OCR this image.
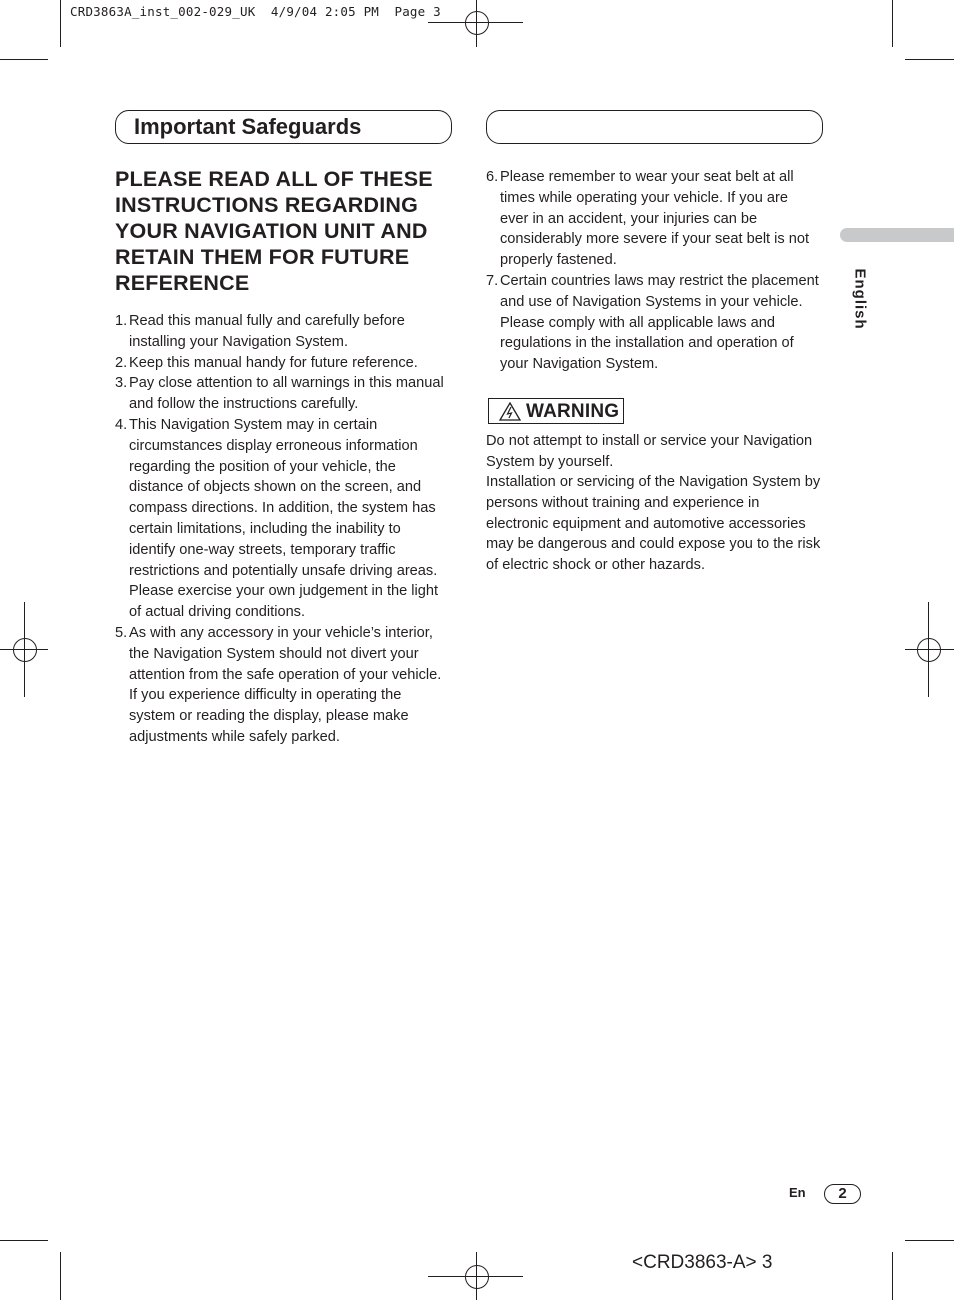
CRD3863A_inst_002-029_UK  4/9/04 2:05 PM  Page 3
Important Safeguards
PLEASE READ ALL OF THESE INSTRUCTIONS REGARDING YOUR NAVIGATION UNIT AND RETAIN THEM FOR FUTURE REFERENCE
1. Read this manual fully and carefully before installing your Navigation System.
2. Keep this manual handy for future reference.
3. Pay close attention to all warnings in this manual and follow the instructions carefully.
4. This Navigation System may in certain circumstances display erroneous information regarding the position of your vehicle, the distance of objects shown on the screen, and compass directions. In addition, the system has certain limitations, including the inability to identify one-way streets, temporary traffic restrictions and potentially unsafe driving areas. Please exercise your own judgement in the light of actual driving conditions.
5. As with any accessory in your vehicle’s interior, the Navigation System should not divert your attention from the safe operation of your vehicle. If you experience difficulty in operating the system or reading the display, please make adjustments while safely parked.
6. Please remember to wear your seat belt at all times while operating your vehicle. If you are ever in an accident, your injuries can be considerably more severe if your seat belt is not properly fastened.
7. Certain countries laws may restrict the placement and use of Navigation Systems in your vehicle. Please comply with all applicable laws and regulations in the installation and operation of your Navigation System.
WARNING

Do not attempt to install or service your Navigation System by yourself.

Installation or servicing of the Navigation System by persons without training and experience in electronic equipment and automotive accessories may be dangerous and could expose you to the risk of electric shock or other hazards.

English
En	2
<CRD3863-A> 3
